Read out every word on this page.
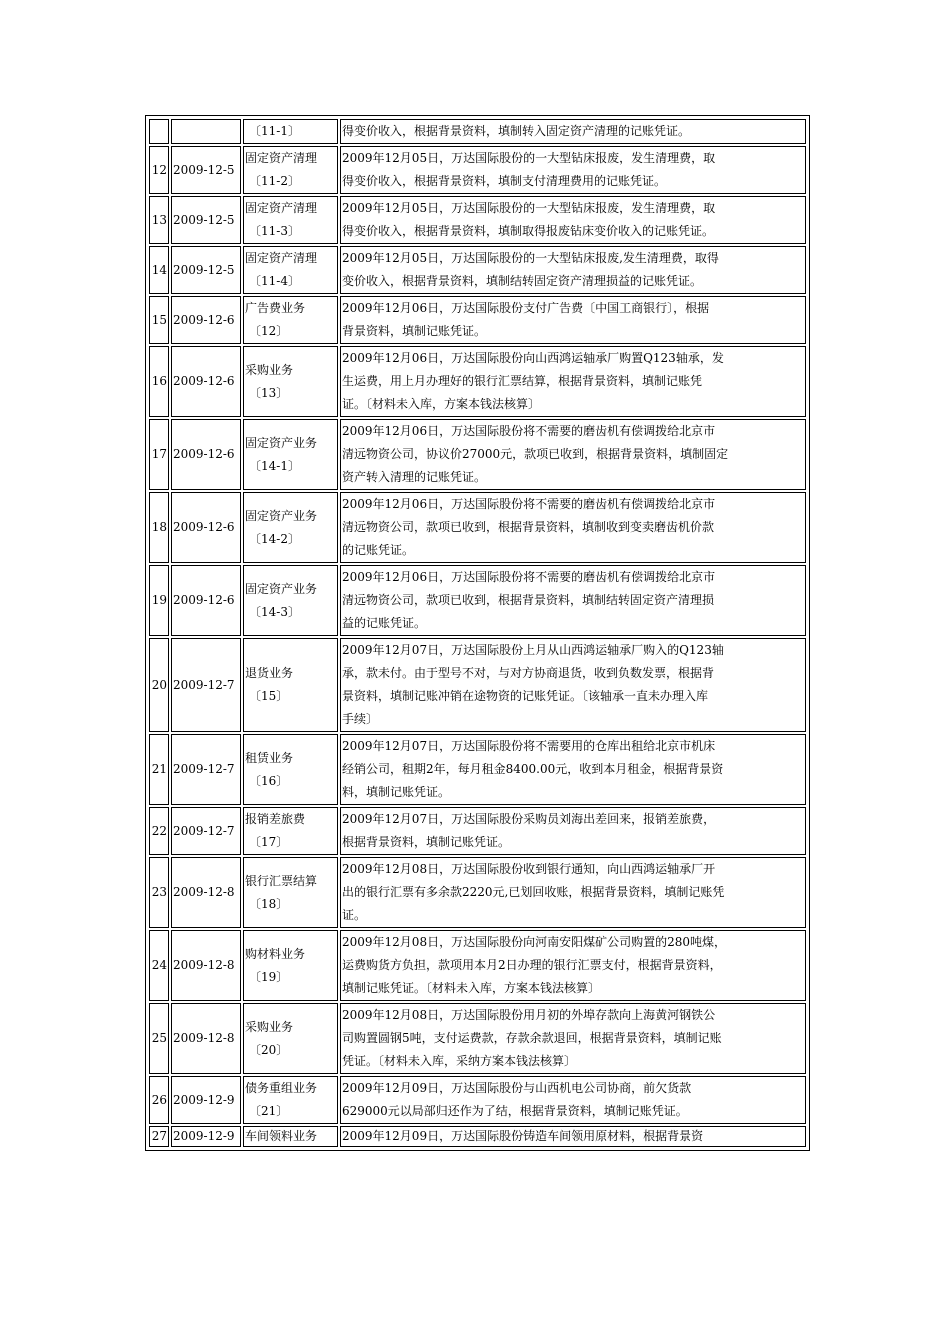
		〔11-1〕	得变价收入，根据背景资料，填制转入固定资产清理的记账凭证。

12	2009-12-5	固定资产清理
〔11-2〕	2009年12月05日，万达国际股份的一大型钻床报废，发生清理费，取
得变价收入，根据背景资料，填制支付清理费用的记账凭证。

13	2009-12-5	固定资产清理
〔11-3〕	2009年12月05日，万达国际股份的一大型钻床报废，发生清理费，取
得变价收入，根据背景资料，填制取得报废钻床变价收入的记账凭证。

14	2009-12-5	固定资产清理
〔11-4〕	2009年12月05日，万达国际股份的一大型钻床报废,发生清理费，取得
变价收入，根据背景资料，填制结转固定资产清理损益的记账凭证。

15	2009-12-6	广告费业务
〔12〕	2009年12月06日，万达国际股份支付广告费〔中国工商银行〕，根据
背景资料，填制记账凭证。

16	2009-12-6	采购业务
〔13〕	2009年12月06日，万达国际股份向山西鸿运轴承厂购置Q123轴承，发
生运费，用上月办理好的银行汇票结算，根据背景资料，填制记账凭
证。〔材料未入库，方案本钱法核算〕

17	2009-12-6	固定资产业务
〔14-1〕	2009年12月06日，万达国际股份将不需要的磨齿机有偿调拨给北京市
清远物资公司，协议价27000元，款项已收到，根据背景资料，填制固定
资产转入清理的记账凭证。

18	2009-12-6	固定资产业务
〔14-2〕	2009年12月06日，万达国际股份将不需要的磨齿机有偿调拨给北京市
清远物资公司，款项已收到，根据背景资料，填制收到变卖磨齿机价款
的记账凭证。

19	2009-12-6	固定资产业务
〔14-3〕	2009年12月06日，万达国际股份将不需要的磨齿机有偿调拨给北京市
清远物资公司，款项已收到，根据背景资料，填制结转固定资产清理损
益的记账凭证。

20	2009-12-7	退货业务
〔15〕	2009年12月07日，万达国际股份上月从山西鸿运轴承厂购入的Q123轴
承，款未付。由于型号不对，与对方协商退货，收到负数发票，根据背
景资料，填制记账冲销在途物资的记账凭证。〔该轴承一直未办理入库
手续〕

21	2009-12-7	租赁业务
〔16〕	2009年12月07日，万达国际股份将不需要用的仓库出租给北京市机床
经销公司，租期2年，每月租金8400.00元，收到本月租金，根据背景资
料，填制记账凭证。

22	2009-12-7	报销差旅费
〔17〕	2009年12月07日，万达国际股份采购员刘海出差回来，报销差旅费，
根据背景资料，填制记账凭证。

23	2009-12-8	银行汇票结算
〔18〕	2009年12月08日，万达国际股份收到银行通知，向山西鸿运轴承厂开
出的银行汇票有多余款2220元,已划回收账，根据背景资料，填制记账凭
证。

24	2009-12-8	购材料业务
〔19〕	2009年12月08日，万达国际股份向河南安阳煤矿公司购置的280吨煤，
运费购货方负担，款项用本月2日办理的银行汇票支付，根据背景资料，
填制记账凭证。〔材料未入库，方案本钱法核算〕

25	2009-12-8	采购业务
〔20〕	2009年12月08日，万达国际股份用月初的外埠存款向上海黄河钢铁公
司购置圆钢5吨，支付运费款，存款余款退回，根据背景资料，填制记账
凭证。〔材料未入库，采纳方案本钱法核算〕

26	2009-12-9	债务重组业务
〔21〕	2009年12月09日，万达国际股份与山西机电公司协商，前欠货款
629000元以局部归还作为了结，根据背景资料，填制记账凭证。

27	2009-12-9	车间领料业务	2009年12月09日，万达国际股份铸造车间领用原材料，根据背景资
